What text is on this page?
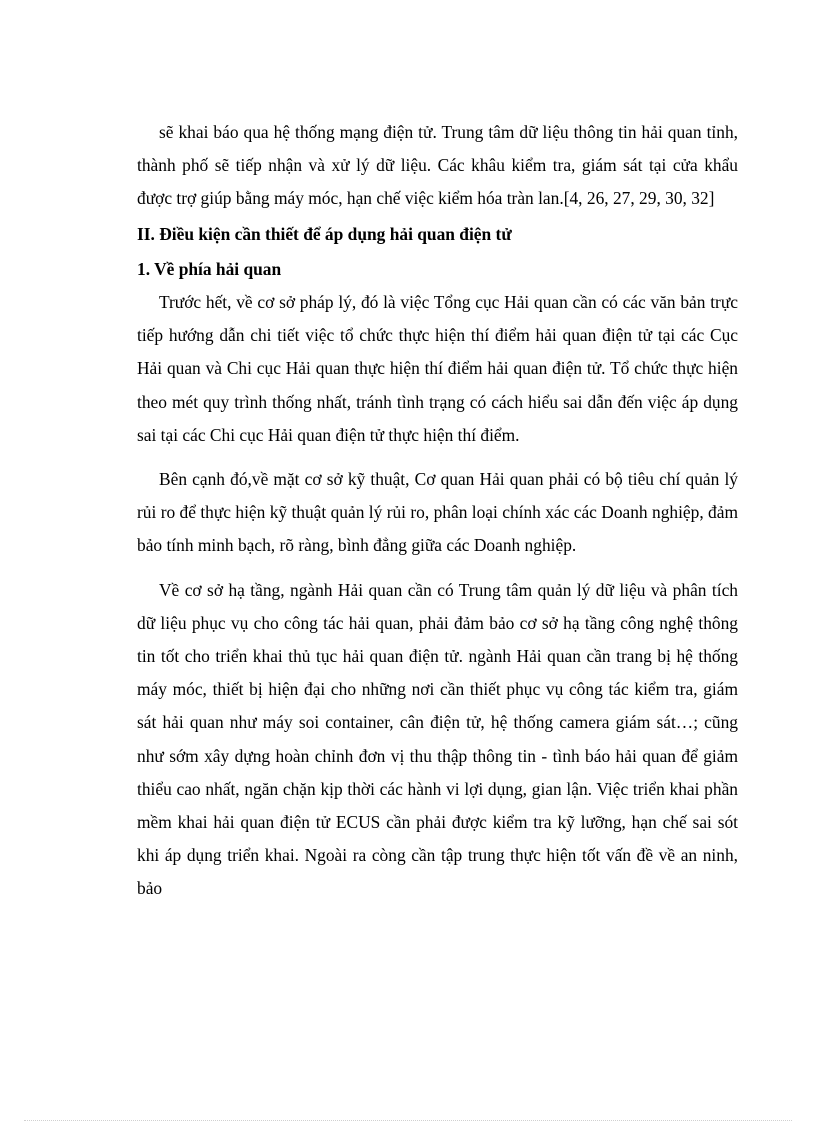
sẽ khai báo qua hệ thống mạng điện tử. Trung tâm dữ liệu thông tin hải quan tỉnh, thành phố sẽ tiếp nhận và xử lý dữ liệu. Các khâu kiểm tra, giám sát tại cửa khẩu được trợ giúp bằng máy móc, hạn chế việc kiểm hóa tràn lan.[4, 26, 27, 29, 30, 32]

II. Điều kiện cần thiết để áp dụng hải quan điện tử
1. Về phía hải quan

Trước hết, về cơ sở pháp lý, đó là việc Tổng cục Hải quan cần có các văn bản trực tiếp hướng dẫn chi tiết việc tổ chức thực hiện thí điểm hải quan điện tử tại các Cục Hải quan và Chi cục Hải quan thực hiện thí điểm hải quan điện tử. Tổ chức thực hiện theo mét quy trình thống nhất, tránh tình trạng có cách hiểu sai dẫn đến việc áp dụng sai tại các Chi cục Hải quan điện tử thực hiện thí điểm.

Bên cạnh đó,về mặt cơ sở kỹ thuật, Cơ quan Hải quan phải có bộ tiêu chí quản lý rủi ro để thực hiện kỹ thuật quản lý rủi ro, phân loại chính xác các Doanh nghiệp, đảm bảo tính minh bạch, rõ ràng, bình đẳng giữa các Doanh nghiệp.

Về cơ sở hạ tầng, ngành Hải quan cần có Trung tâm quản lý dữ liệu và phân tích dữ liệu phục vụ cho công tác hải quan, phải đảm bảo cơ sở hạ tầng công nghệ thông tin tốt cho triển khai thủ tục hải quan điện tử. ngành Hải quan cần trang bị hệ thống máy móc, thiết bị hiện đại cho những nơi cần thiết phục vụ công tác kiểm tra, giám sát hải quan như máy soi container, cân điện tử, hệ thống camera giám sát…; cũng như sớm xây dựng hoàn chỉnh đơn vị thu thập thông tin - tình báo hải quan để giảm thiểu cao nhất, ngăn chặn kịp thời các hành vi lợi dụng, gian lận. Việc triển khai phần mềm khai hải quan điện tử ECUS cần phải được kiểm tra kỹ lưỡng, hạn chế sai sót khi áp dụng triển khai. Ngoài ra còng cần tập trung thực hiện tốt vấn đề về an ninh, bảo
